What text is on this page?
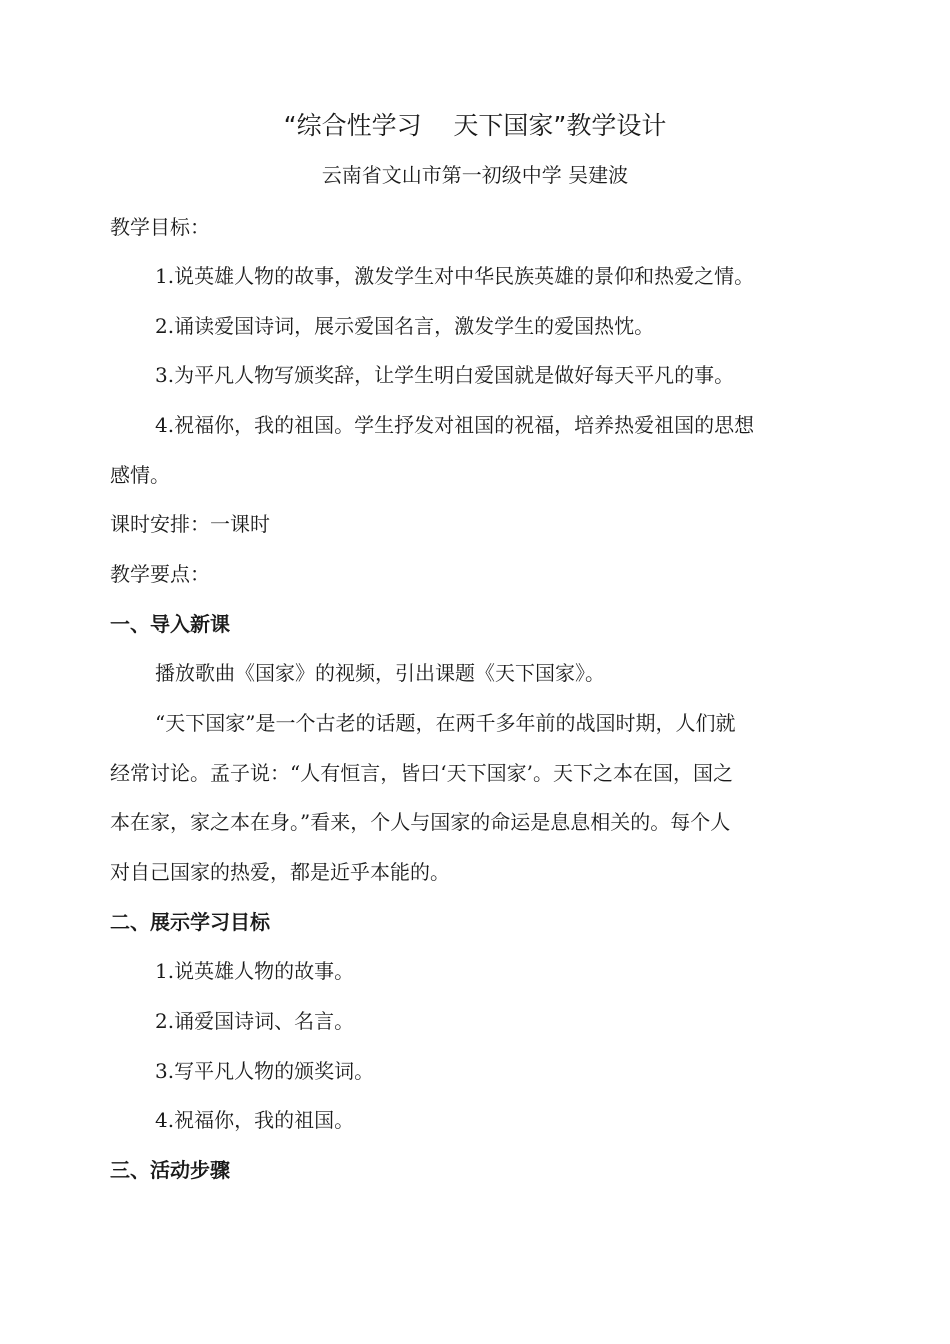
“综合性学习    天下国家”教学设计
云南省文山市第一初级中学 吴建波
教学目标：
1.说英雄人物的故事，激发学生对中华民族英雄的景仰和热爱之情。
2.诵读爱国诗词，展示爱国名言，激发学生的爱国热忱。
3.为平凡人物写颁奖辞，让学生明白爱国就是做好每天平凡的事。
4.祝福你，我的祖国。学生抒发对祖国的祝福，培养热爱祖国的思想
感情。
课时安排：一课时
教学要点：
一、导入新课
播放歌曲《国家》的视频，引出课题《天下国家》。
“天下国家”是一个古老的话题，在两千多年前的战国时期，人们就
经常讨论。孟子说：“人有恒言，皆曰‘天下国家’。天下之本在国，国之
本在家，家之本在身。”看来，个人与国家的命运是息息相关的。每个人
对自己国家的热爱，都是近乎本能的。
二、展示学习目标
1.说英雄人物的故事。
2.诵爱国诗词、名言。
3.写平凡人物的颁奖词。
4.祝福你，我的祖国。
三、活动步骤
